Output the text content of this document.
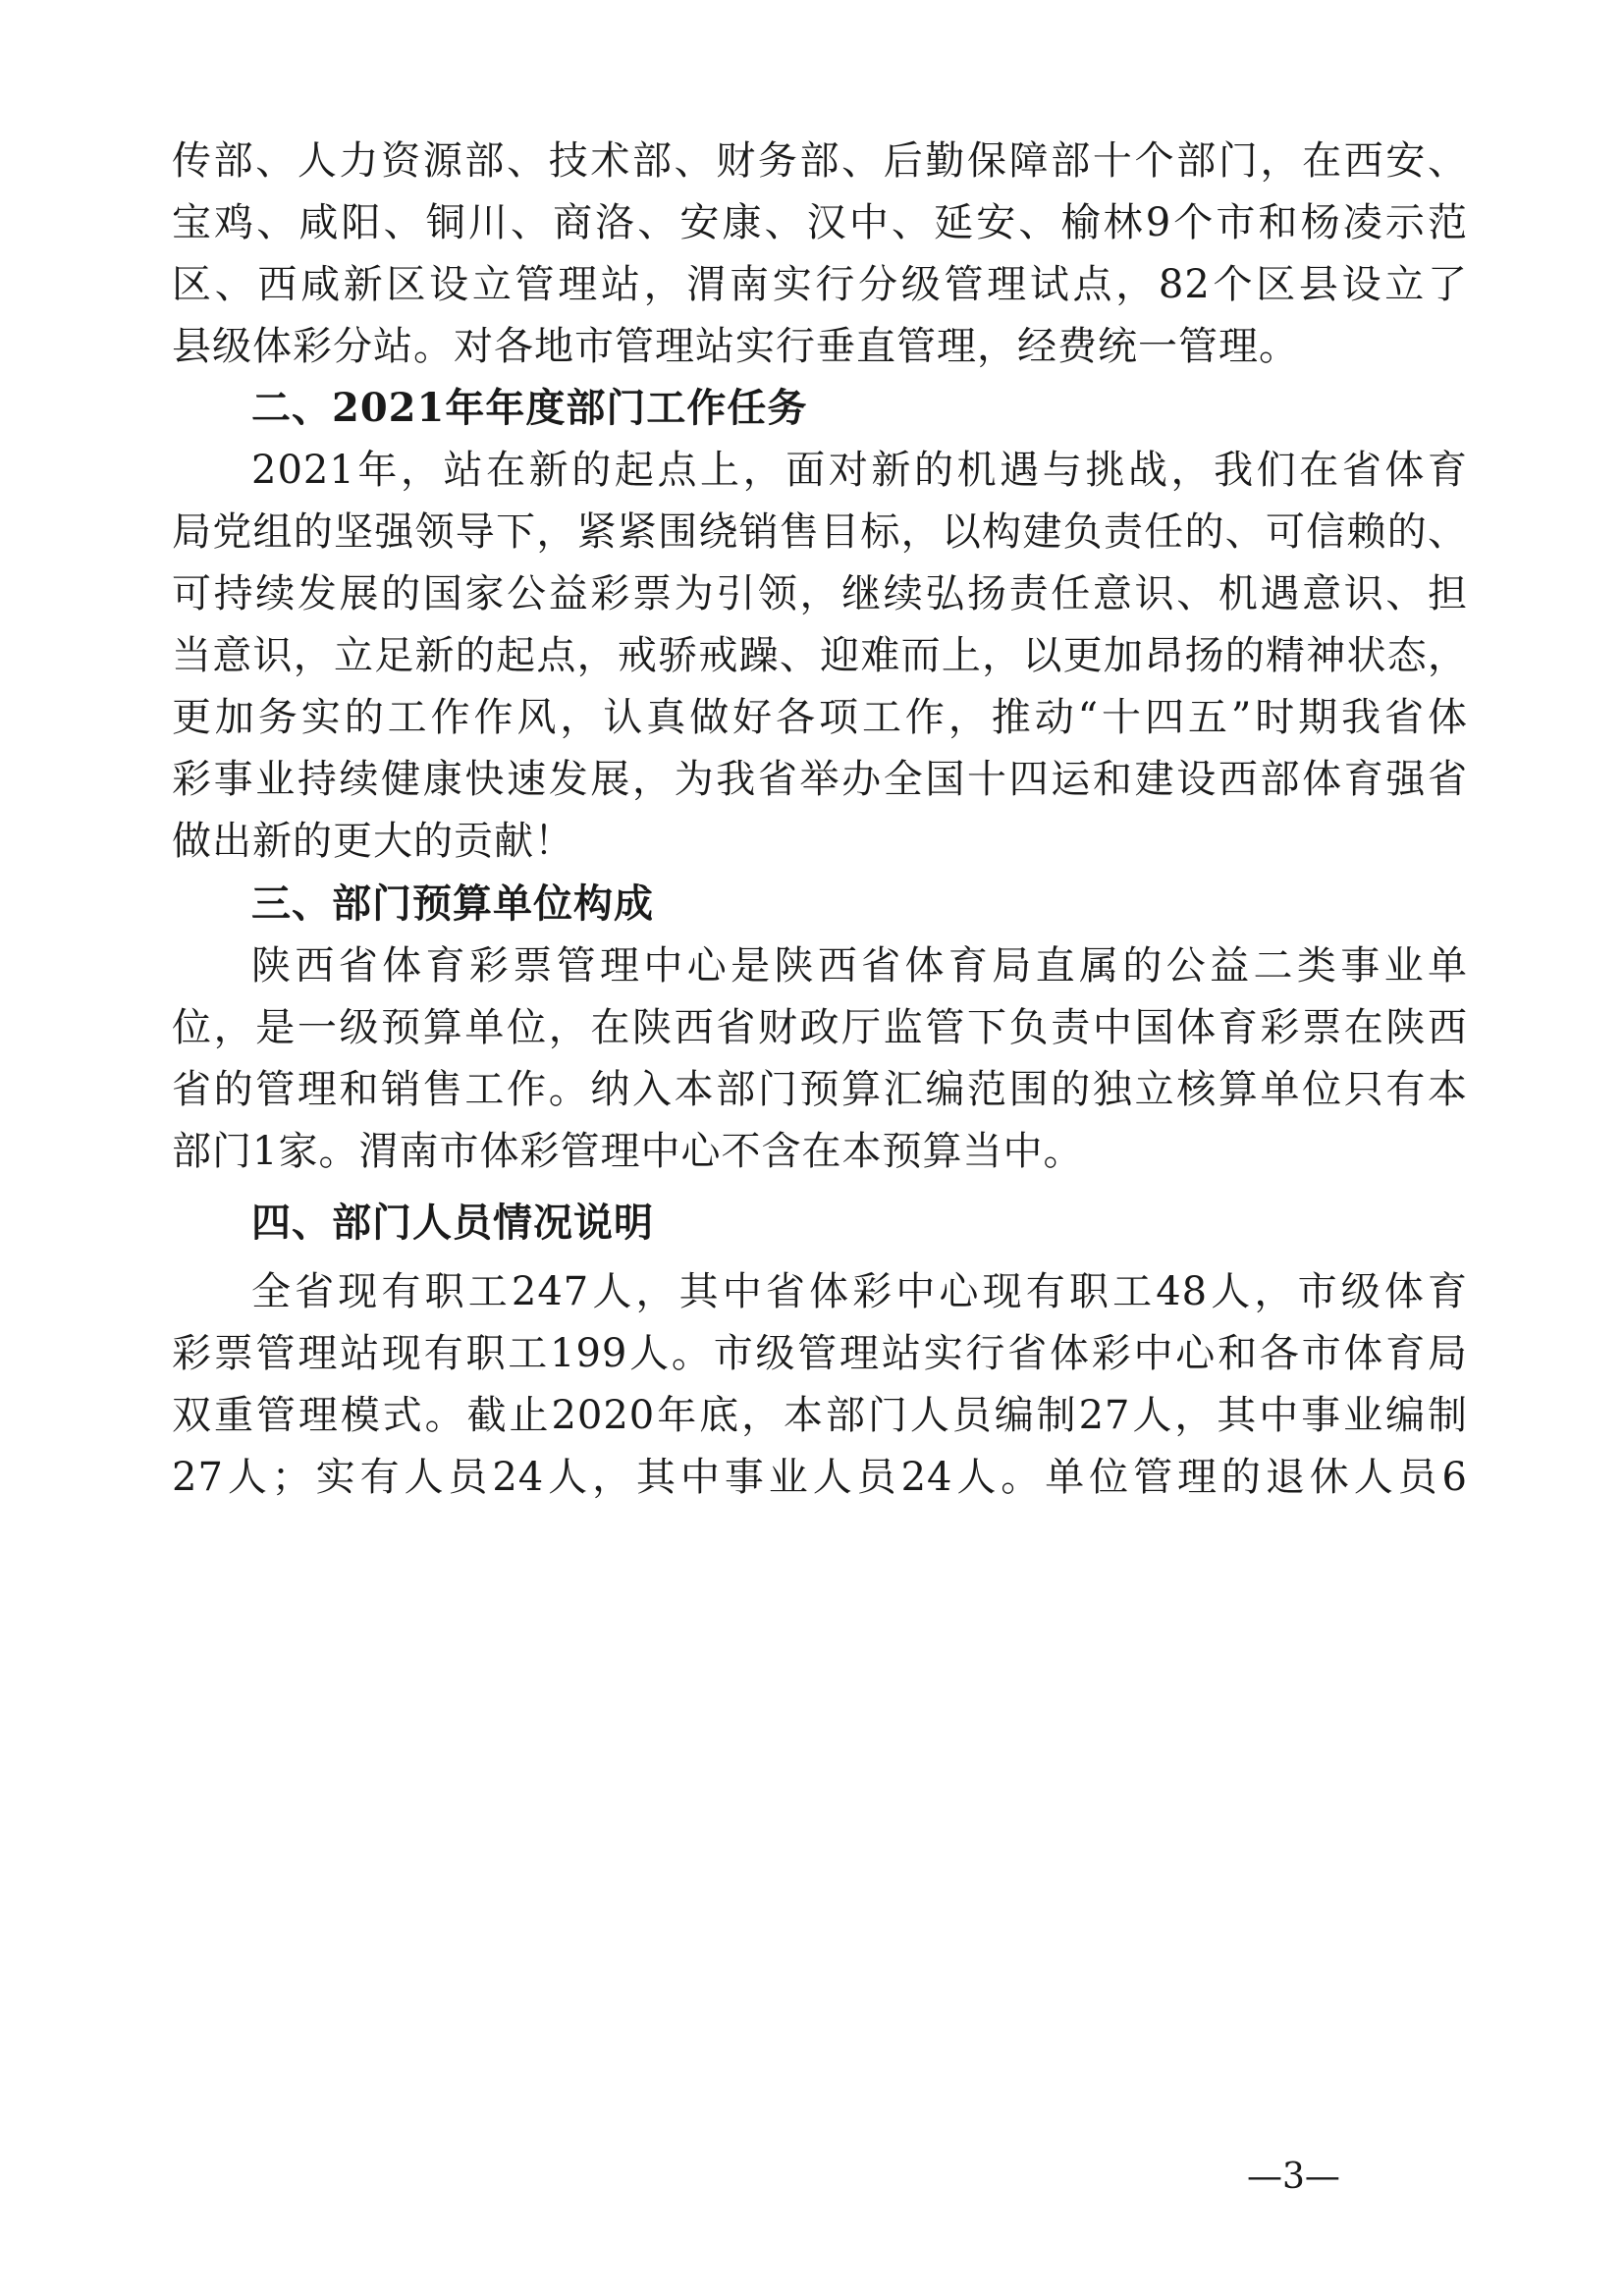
传部、人力资源部、技术部、财务部、后勤保障部十个部门，在西安、
宝鸡、咸阳、铜川、商洛、安康、汉中、延安、榆林9个市和杨凌示范
区、西咸新区设立管理站，渭南实行分级管理试点，82个区县设立了
县级体彩分站。对各地市管理站实行垂直管理，经费统一管理。
二、2021年年度部门工作任务
2021年，站在新的起点上，面对新的机遇与挑战，我们在省体育
局党组的坚强领导下，紧紧围绕销售目标，以构建负责任的、可信赖的、
可持续发展的国家公益彩票为引领，继续弘扬责任意识、机遇意识、担
当意识，立足新的起点，戒骄戒躁、迎难而上，以更加昂扬的精神状态，
更加务实的工作作风，认真做好各项工作，推动“十四五”时期我省体
彩事业持续健康快速发展，为我省举办全国十四运和建设西部体育强省
做出新的更大的贡献！
三、部门预算单位构成
陕西省体育彩票管理中心是陕西省体育局直属的公益二类事业单
位，是一级预算单位，在陕西省财政厅监管下负责中国体育彩票在陕西
省的管理和销售工作。纳入本部门预算汇编范围的独立核算单位只有本
部门1家。渭南市体彩管理中心不含在本预算当中。
四、部门人员情况说明
全省现有职工247人，其中省体彩中心现有职工48人，市级体育
彩票管理站现有职工199人。市级管理站实行省体彩中心和各市体育局
双重管理模式。截止2020年底，本部门人员编制27人，其中事业编制
27人；实有人员24人，其中事业人员24人。单位管理的退休人员6
—3—
